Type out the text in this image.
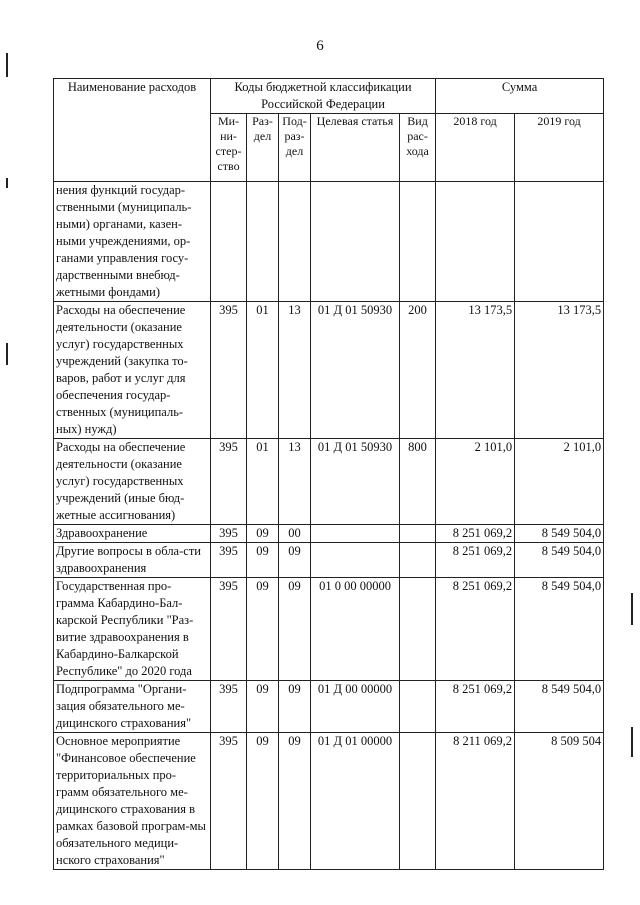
6
Наименование расходов	Коды бюджетной классификации Российской Федерации					Сумма	
	Ми-ни-стер-ство	Раз-дел	Под-раз-дел	Целевая статья	Вид рас-хода	2018 год	2019 год
нения функций государ-ственными (муниципаль-ными) органами, казен-ными учреждениями, ор-ганами управления госу-дарственными внебюд-жетными фондами)							
Расходы на обеспечение деятельности (оказание услуг) государственных учреждений (закупка то-варов, работ и услуг для обеспечения государ-ственных (муниципаль-ных) нужд)	395	01	13	01 Д 01 50930	200	13 173,5	13 173,5
Расходы на обеспечение деятельности (оказание услуг) государственных учреждений (иные бюд-жетные ассигнования)	395	01	13	01 Д 01 50930	800	2 101,0	2 101,0
Здравоохранение	395	09	00			8 251 069,2	8 549 504,0
Другие вопросы в обла-сти здравоохранения	395	09	09			8 251 069,2	8 549 504,0
Государственная про-грамма Кабардино-Бал-карской Республики "Раз-витие здравоохранения в Кабардино-Балкарской Республике" до 2020 года	395	09	09	01 0 00 00000		8 251 069,2	8 549 504,0
Подпрограмма "Органи-зация обязательного ме-дицинского страхования"	395	09	09	01 Д 00 00000		8 251 069,2	8 549 504,0
Основное мероприятие "Финансовое обеспечение территориальных про-грамм обязательного ме-дицинского страхования в рамках базовой програм-мы обязательного медици-нского страхования"	395	09	09	01 Д 01 00000		8 211 069,2	8 509 504
